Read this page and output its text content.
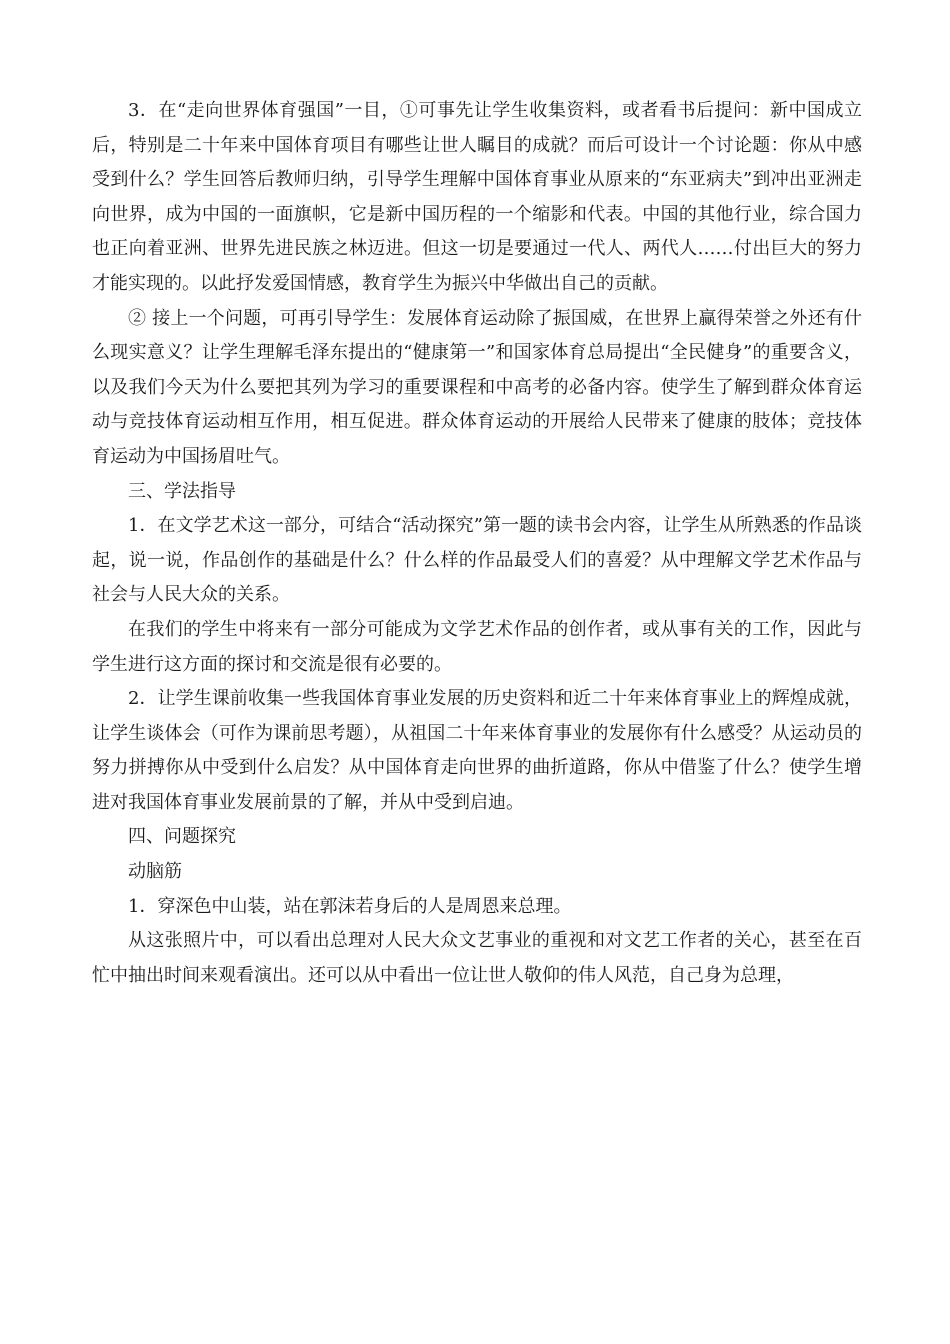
3．在“走向世界体育强国”一目，①可事先让学生收集资料，或者看书后提问：新中国成立后，特别是二十年来中国体育项目有哪些让世人瞩目的成就？而后可设计一个讨论题：你从中感受到什么？学生回答后教师归纳，引导学生理解中国体育事业从原来的“东亚病夫”到冲出亚洲走向世界，成为中国的一面旗帜，它是新中国历程的一个缩影和代表。中国的其他行业，综合国力也正向着亚洲、世界先进民族之林迈进。但这一切是要通过一代人、两代人……付出巨大的努力才能实现的。以此抒发爱国情感，教育学生为振兴中华做出自己的贡献。

② 接上一个问题，可再引导学生：发展体育运动除了振国威，在世界上赢得荣誉之外还有什么现实意义？让学生理解毛泽东提出的“健康第一”和国家体育总局提出“全民健身”的重要含义，以及我们今天为什么要把其列为学习的重要课程和中高考的必备内容。使学生了解到群众体育运动与竞技体育运动相互作用，相互促进。群众体育运动的开展给人民带来了健康的肢体；竞技体育运动为中国扬眉吐气。

三、学法指导

1．在文学艺术这一部分，可结合“活动探究”第一题的读书会内容，让学生从所熟悉的作品谈起，说一说，作品创作的基础是什么？什么样的作品最受人们的喜爱？从中理解文学艺术作品与社会与人民大众的关系。

在我们的学生中将来有一部分可能成为文学艺术作品的创作者，或从事有关的工作，因此与学生进行这方面的探讨和交流是很有必要的。

2．让学生课前收集一些我国体育事业发展的历史资料和近二十年来体育事业上的辉煌成就，让学生谈体会（可作为课前思考题），从祖国二十年来体育事业的发展你有什么感受？从运动员的努力拼搏你从中受到什么启发？从中国体育走向世界的曲折道路，你从中借鉴了什么？使学生增进对我国体育事业发展前景的了解，并从中受到启迪。

四、问题探究

动脑筋

1．穿深色中山装，站在郭沫若身后的人是周恩来总理。

从这张照片中，可以看出总理对人民大众文艺事业的重视和对文艺工作者的关心，甚至在百忙中抽出时间来观看演出。还可以从中看出一位让世人敬仰的伟人风范，自己身为总理，
